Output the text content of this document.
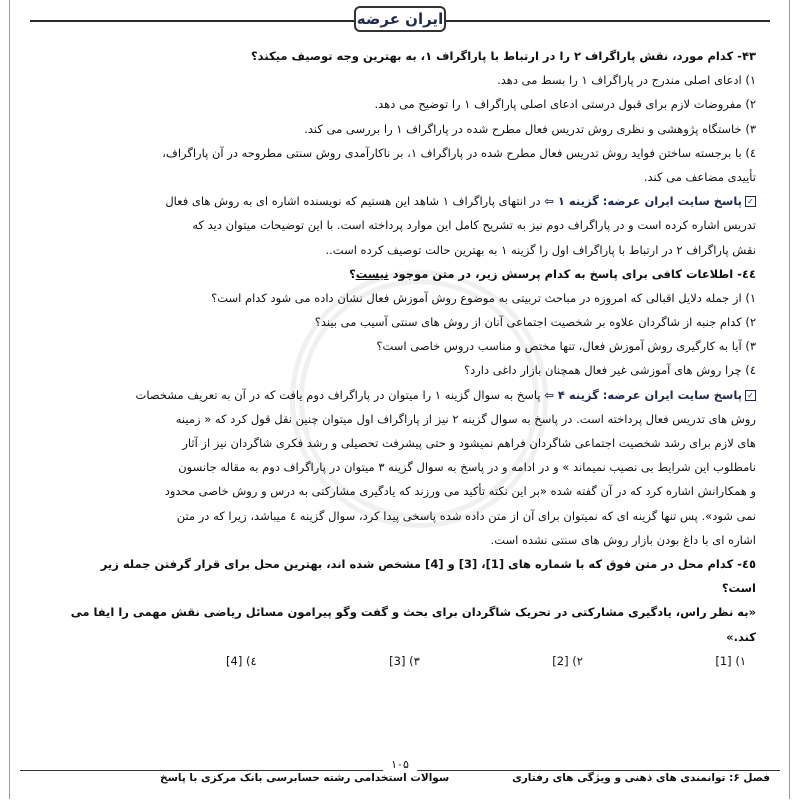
ایران عرضه
۴۳- کدام مورد، نقش پاراگراف ۲ را در ارتباط با پاراگراف ۱، به بهترین وجه توصیف میکند؟
۱) ادعای اصلی مندرج در پاراگراف ۱ را بسط می دهد.
۲) مفروضات لازم برای قبول درستی ادعای اصلی پاراگراف ۱ را توضیح می دهد.
۳) خاستگاه پژوهشی و نظری روش تدریس فعال مطرح شده در پاراگراف ۱ را بررسی می کند.
٤) با برجسته ساختن فواید روش تدریس فعال مطرح شده در پاراگراف ۱، بر ناکارآمدی روش سنتی مطروحه در آن پاراگراف،
تأییدی مضاعف می کند.
✓پاسخ سایت ایران عرضه: گزینه ۱ ⇦ در انتهای پاراگراف ۱ شاهد این هستیم که نویسنده اشاره ای به روش های فعال
تدریس اشاره کرده است و در پاراگراف دوم نیز به تشریح کامل این موارد پرداخته است. با این توضیحات میتوان دید که
نقش پاراگراف ۲ در ارتباط با پاراگراف اول را گزینه ۱ به بهترین حالت توصیف کرده است..
٤٤- اطلاعات کافی برای پاسخ به کدام پرسش زیر، در متن موجود نیست؟
۱) از جمله دلایل اقبالی که امروزه در مباحث تربیتی به موضوع روش آموزش فعال نشان داده می شود کدام است؟
۲) کدام جنبه از شاگردان علاوه بر شخصیت اجتماعی آنان از روش های سنتی آسیب می بیند؟
۳) آیا به کارگیری روش آموزش فعال، تنها مختص و مناسب دروس خاصی است؟
٤) چرا روش های آموزشی غیر فعال همچنان بازار داغی دارد؟
✓پاسخ سایت ایران عرضه: گزینه ۴ ⇦ پاسخ به سوال گزینه ۱ را میتوان در پاراگراف دوم یافت که در آن به تعریف مشخصات
روش های تدریس فعال پرداخته است. در پاسخ به سوال گزینه ۲ نیز از پاراگراف اول میتوان چنین نقل قول کرد که « زمینه
های لازم برای رشد شخصیت اجتماعی شاگردان فراهم نمیشود و حتی پیشرفت تحصیلی و رشد فکری شاگردان نیز از آثار
نامطلوب این شرایط بی نصیب نمیماند » و در ادامه و در پاسخ به سوال گزینه ۳ میتوان در پاراگراف دوم به مقاله جانسون
و همکارانش اشاره کرد که در آن گفته شده «بر این نکته تأکید می ورزند که یادگیری مشارکتی به درس و روش خاصی محدود
نمی شود». پس تنها گزینه ای که نمیتوان برای آن از متن داده شده پاسخی پیدا کرد، سوال گزینه ٤ میباشد، زیرا که در متن
اشاره ای با داغ بودن بازار روش های سنتی نشده است.
٤٥- کدام محل در متن فوق که با شماره های [1]، [3] و [4] مشخص شده اند، بهترین محل برای قرار گرفتن جمله زیر
است؟
«به نظر راس، یادگیری مشارکتی در تحریک شاگردان برای بحث و گفت وگو پیرامون مسائل ریاضی نقش مهمی را ایفا می
کند.»
۱) [1]
۲) [2]
۳) [3]
٤) [4]
۱۰۵
فصل ۶: توانمندی های ذهنی و ویژگی های رفتاری
سوالات استخدامی رشته حسابرسی بانک مرکزی با پاسخ
